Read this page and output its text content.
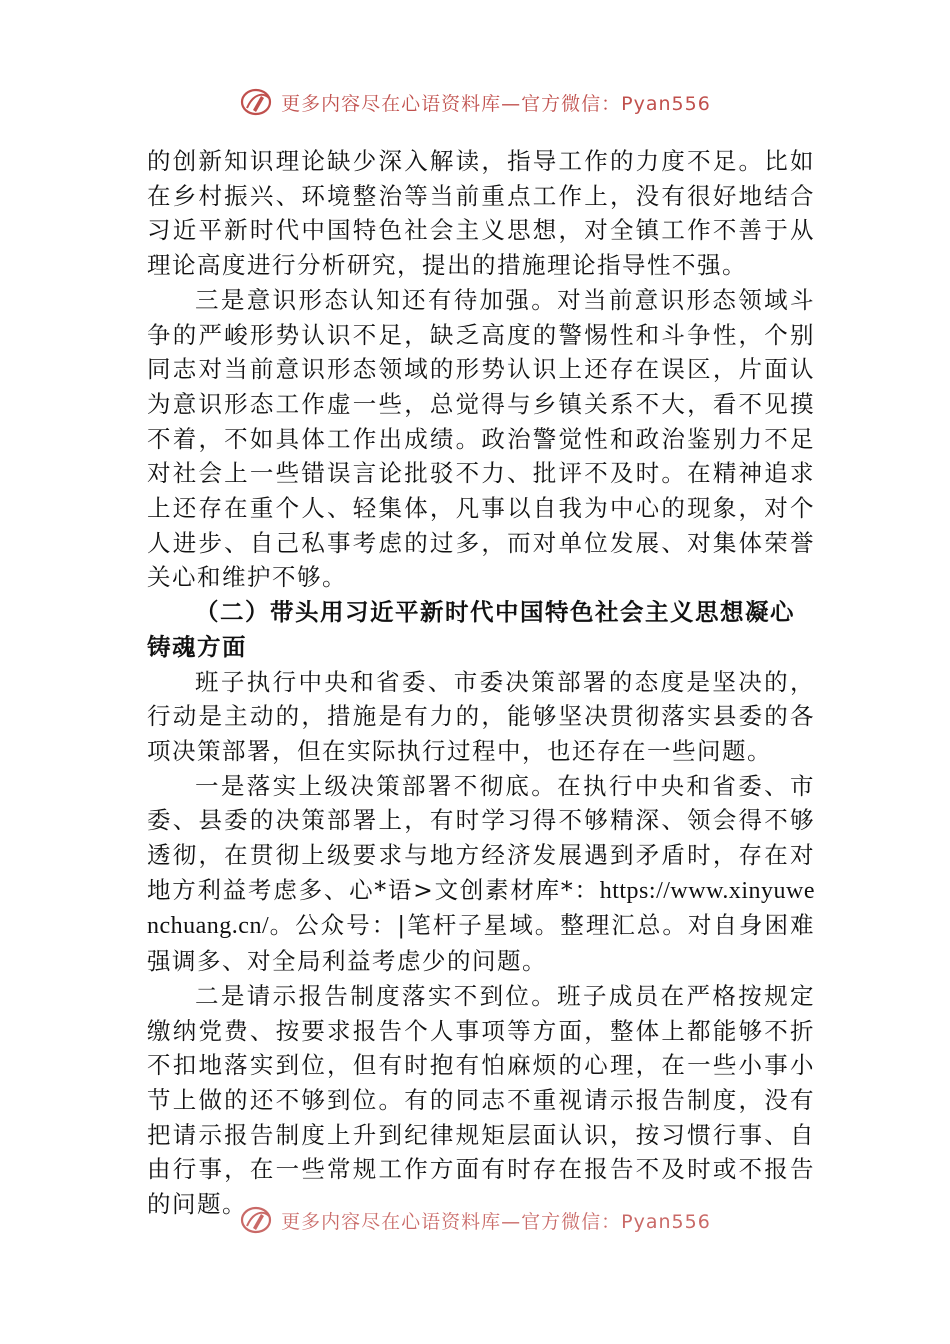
更多内容尽在心语资料库—官方微信：Pyan556

的创新知识理论缺少深入解读，指导工作的力度不足。比如在乡村振兴、环境整治等当前重点工作上，没有很好地结合习近平新时代中国特色社会主义思想，对全镇工作不善于从理论高度进行分析研究，提出的措施理论指导性不强。

三是意识形态认知还有待加强。对当前意识形态领域斗争的严峻形势认识不足，缺乏高度的警惕性和斗争性，个别同志对当前意识形态领域的形势认识上还存在误区，片面认为意识形态工作虚一些，总觉得与乡镇关系不大，看不见摸不着，不如具体工作出成绩。政治警觉性和政治鉴别力不足对社会上一些错误言论批驳不力、批评不及时。在精神追求上还存在重个人、轻集体，凡事以自我为中心的现象，对个人进步、自己私事考虑的过多，而对单位发展、对集体荣誉关心和维护不够。

（二）带头用习近平新时代中国特色社会主义思想凝心铸魂方面

班子执行中央和省委、市委决策部署的态度是坚决的，行动是主动的，措施是有力的，能够坚决贯彻落实县委的各项决策部署，但在实际执行过程中，也还存在一些问题。

一是落实上级决策部署不彻底。在执行中央和省委、市委、县委的决策部署上，有时学习得不够精深、领会得不够透彻，在贯彻上级要求与地方经济发展遇到矛盾时，存在对地方利益考虑多、心*语>文创素材库*：https://www.xinyuwenchuang.cn/。公众号：|笔杆子星域。整理汇总。对自身困难强调多、对全局利益考虑少的问题。

二是请示报告制度落实不到位。班子成员在严格按规定缴纳党费、按要求报告个人事项等方面，整体上都能够不折不扣地落实到位，但有时抱有怕麻烦的心理，在一些小事小节上做的还不够到位。有的同志不重视请示报告制度，没有把请示报告制度上升到纪律规矩层面认识，按习惯行事、自由行事，在一些常规工作方面有时存在报告不及时或不报告的问题。

更多内容尽在心语资料库—官方微信：Pyan556
